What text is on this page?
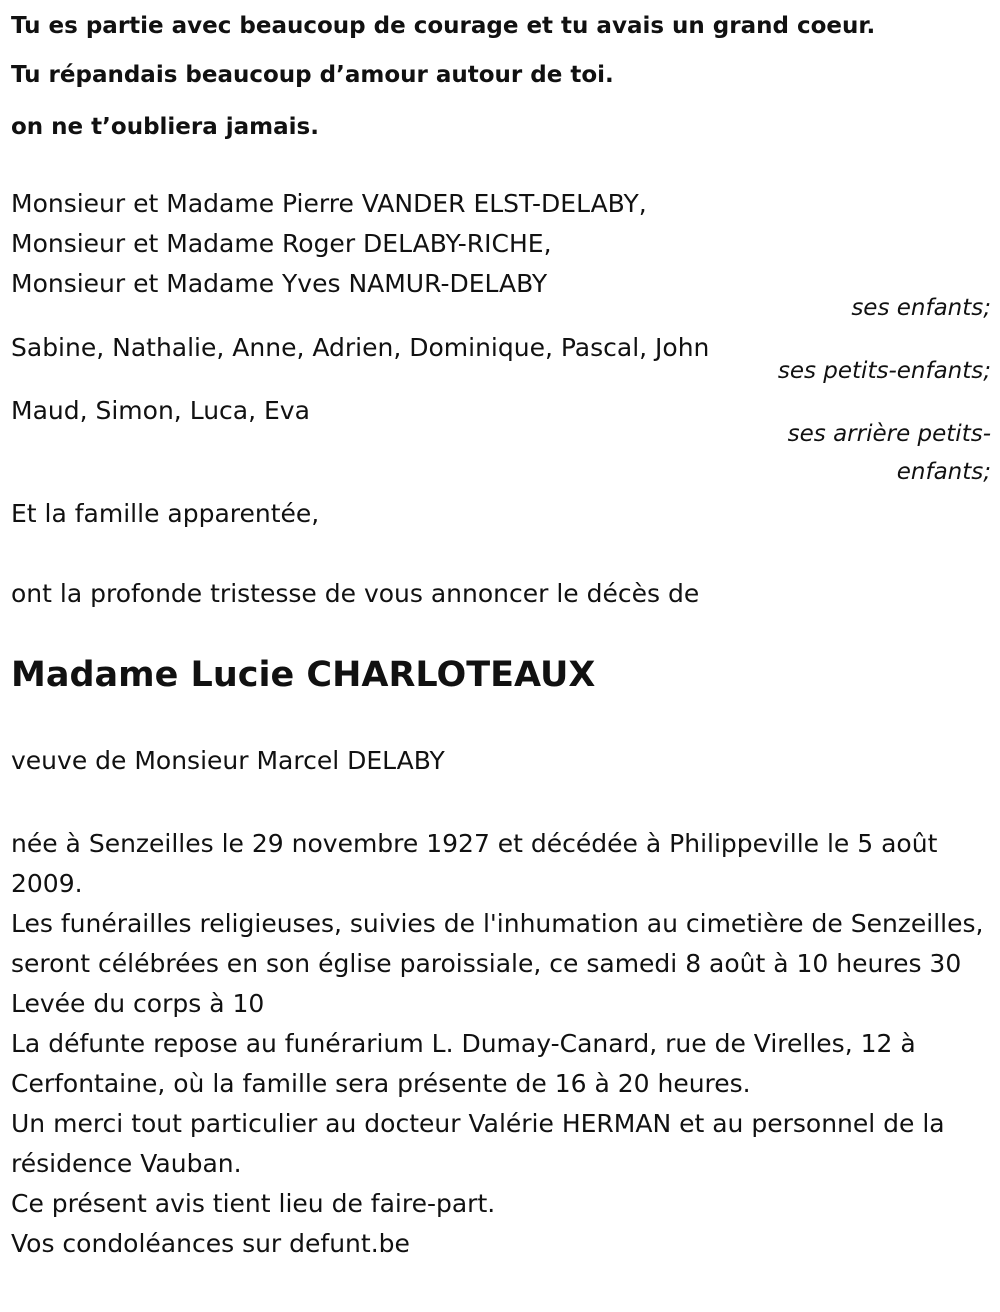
Tu es partie avec beaucoup de courage et tu avais un grand coeur.
Tu répandais beaucoup d’amour autour de toi.
on ne t’oubliera jamais.
Monsieur et Madame Pierre VANDER ELST-DELABY,
Monsieur et Madame Roger DELABY-RICHE,
Monsieur et Madame Yves NAMUR-DELABY
ses enfants;
Sabine, Nathalie, Anne, Adrien, Dominique, Pascal, John
ses petits-enfants;
Maud, Simon, Luca, Eva
ses arrière petits-enfants;
Et la famille apparentée,
ont la profonde tristesse de vous annoncer le décès de
Madame Lucie CHARLOTEAUX
veuve de Monsieur Marcel DELABY

née à Senzeilles le 29 novembre 1927 et décédée à Philippeville le 5 août 2009.

Les funérailles religieuses, suivies de l'inhumation au cimetière de Senzeilles, seront célébrées en son église paroissiale, ce samedi 8 août à 10 heures 30

Levée du corps à 10

La défunte repose au funérarium L. Dumay-Canard, rue de Virelles, 12 à Cerfontaine, où la famille sera présente de 16 à 20 heures.

Un merci tout particulier au docteur Valérie HERMAN et au personnel de la résidence Vauban.

Ce présent avis tient lieu de faire-part.

Vos condoléances sur defunt.be
